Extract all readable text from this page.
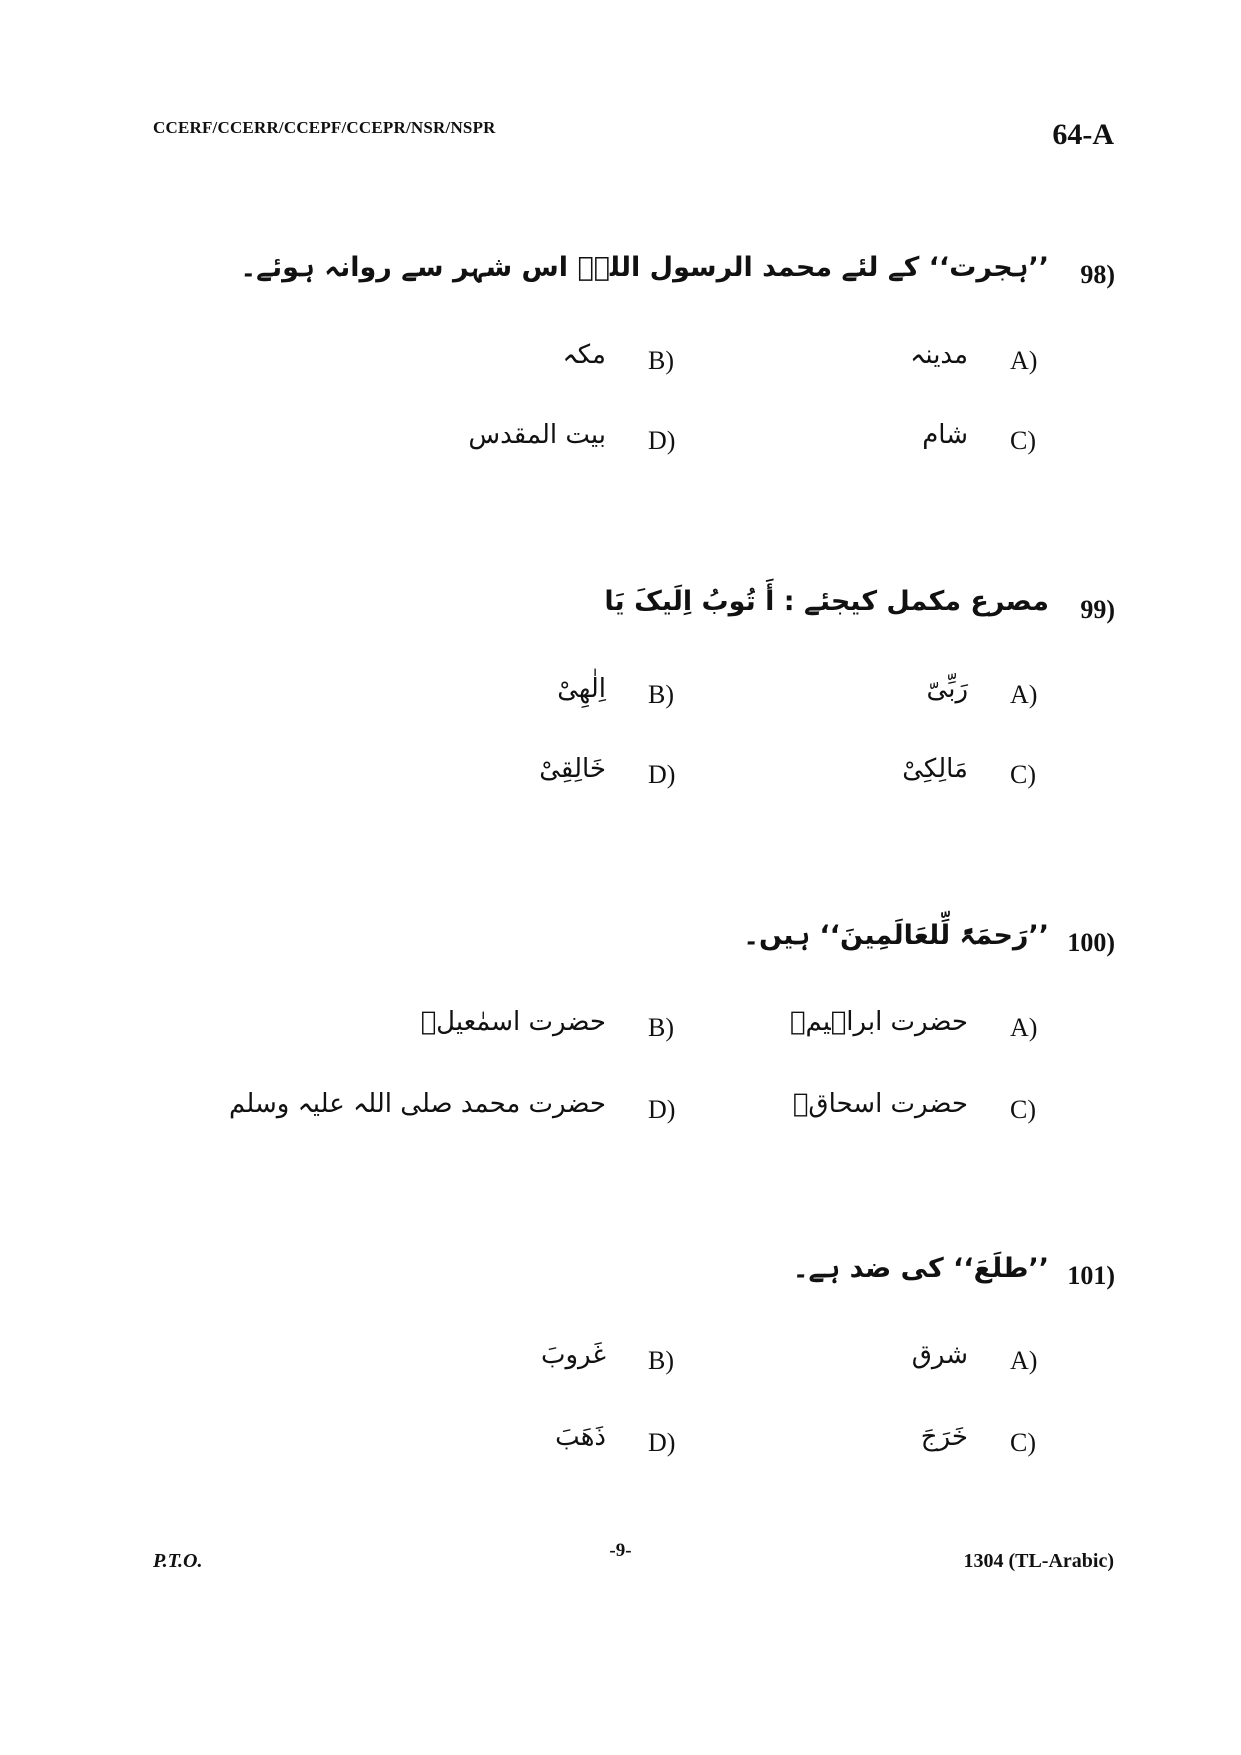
CCERF/CCERR/CCEPF/CCEPR/NSR/NSPR	64-A
98)
’’ہجرت‘‘ کے لئے محمد الرسول اللہؐ اس شہر سے روانہ ہوئے۔
A)
مدینہ
B)
مکہ
C)
شام
D)
بیت المقدس
99)
مصرع مکمل کیجئے : أَ تُوبُ اِلَیکَ یَا
A)
رَبِّیّ
B)
اِلٰھِیْ
C)
مَالِکِیْ
D)
خَالِقِیْ
100)
’’رَحمَۃً لِّلعَالَمِینَ‘‘ ہیں۔
A)
حضرت ابراہیمؑ
B)
حضرت اسمٰعیلؑ
C)
حضرت اسحاقؑ
D)
حضرت محمد صلی اللہ علیہ وسلم
101)
’’طلَعَ‘‘ کی ضد ہے۔
A)
شرق
B)
غَروبَ
C)
خَرَجَ
D)
ذَھَبَ
P.T.O.	-9-	1304 (TL-Arabic)
